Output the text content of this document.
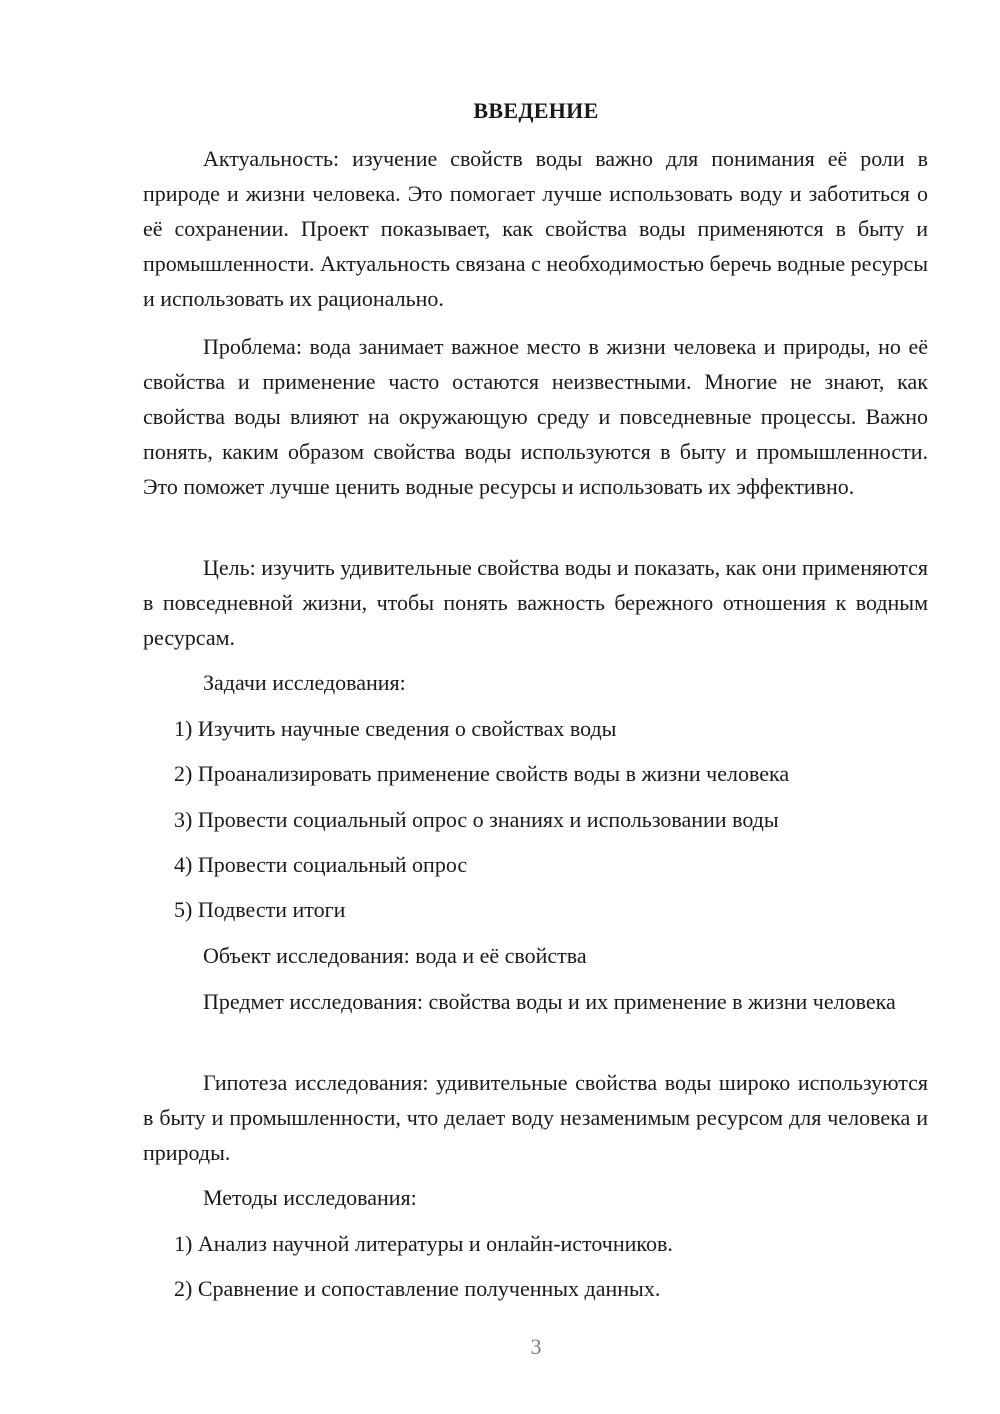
ВВЕДЕНИЕ

Актуальность: изучение свойств воды важно для понимания её роли в природе и жизни человека. Это помогает лучше использовать воду и заботиться о её сохранении. Проект показывает, как свойства воды применяются в быту и промышленности. Актуальность связана с необходимостью беречь водные ресурсы и использовать их рационально.

Проблема: вода занимает важное место в жизни человека и природы, но её свойства и применение часто остаются неизвестными. Многие не знают, как свойства воды влияют на окружающую среду и повседневные процессы. Важно понять, каким образом свойства воды используются в быту и промышленности. Это поможет лучше ценить водные ресурсы и использовать их эффективно.

Цель: изучить удивительные свойства воды и показать, как они применяются в повседневной жизни, чтобы понять важность бережного отношения к водным ресурсам.

Задачи исследования:
1) Изучить научные сведения о свойствах воды
2) Проанализировать применение свойств воды в жизни человека
3) Провести социальный опрос о знаниях и использовании воды
4) Провести социальный опрос
5) Подвести итоги
Объект исследования: вода и её свойства

Предмет исследования: свойства воды и их применение в жизни человека

Гипотеза исследования: удивительные свойства воды широко используются в быту и промышленности, что делает воду незаменимым ресурсом для человека и природы.

Методы исследования:
1) Анализ научной литературы и онлайн-источников.
2) Сравнение и сопоставление полученных данных.
3
